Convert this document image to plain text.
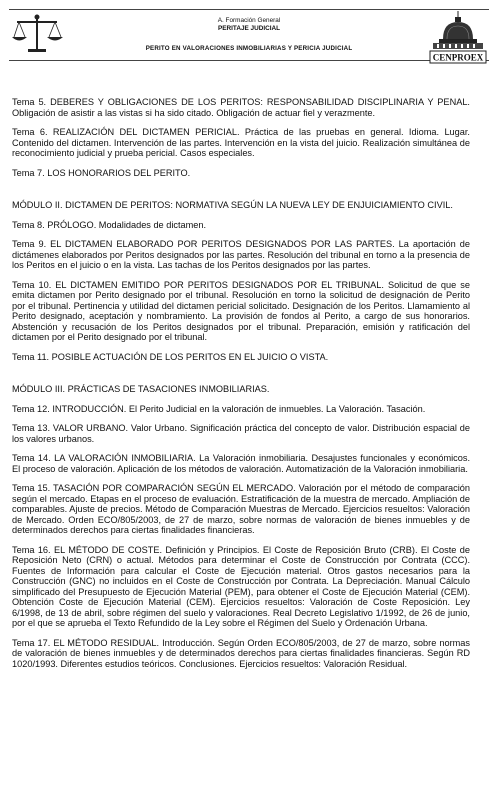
A. Formación General
PERITAJE JUDICIAL
PERITO EN VALORACIONES INMOBILIARIAS Y PERICIA JUDICIAL
CENPROEX

Tema 5. DEBERES Y OBLIGACIONES DE LOS PERITOS: RESPONSABILIDAD DISCIPLINARIA Y PENAL. Obligación de asistir a las vistas si ha sido citado. Obligación de actuar fiel y verazmente.

Tema 6. REALIZACIÓN DEL DICTAMEN PERICIAL. Práctica de las pruebas en general. Idioma. Lugar. Contenido del dictamen. Intervención de las partes. Intervención en la vista del juicio. Realización simultánea de reconocimiento judicial y prueba pericial. Casos especiales.

Tema 7. LOS HONORARIOS DEL PERITO.

MÓDULO II. DICTAMEN DE PERITOS: NORMATIVA SEGÚN LA NUEVA LEY DE ENJUICIAMIENTO CIVIL.

Tema 8. PRÓLOGO. Modalidades de dictamen.

Tema 9. EL DICTAMEN ELABORADO POR PERITOS DESIGNADOS POR LAS PARTES. La aportación de dictámenes elaborados por Peritos designados por las partes. Resolución del tribunal en torno a la presencia de los Peritos en el juicio o en la vista. Las tachas de los Peritos designados por las partes.

Tema 10. EL DICTAMEN EMITIDO POR PERITOS DESIGNADOS POR EL TRIBUNAL. Solicitud de que se emita dictamen por Perito designado por el tribunal. Resolución en torno la solicitud de designación de Perito por el tribunal. Pertinencia y utilidad del dictamen pericial solicitado. Designación de los Peritos. Llamamiento al Perito designado, aceptación y nombramiento. La provisión de fondos al Perito, a cargo de sus honorarios. Abstención y recusación de los Peritos designados por el tribunal. Preparación, emisión y ratificación del dictamen por el Perito designado por el tribunal.

Tema 11. POSIBLE ACTUACIÓN DE LOS PERITOS EN EL JUICIO O VISTA.

MÓDULO III. PRÁCTICAS DE TASACIONES INMOBILIARIAS.

Tema 12. INTRODUCCIÓN. El Perito Judicial en la valoración de inmuebles. La Valoración. Tasación.

Tema 13. VALOR URBANO. Valor Urbano. Significación práctica del concepto de valor. Distribución espacial de los valores urbanos.

Tema 14. LA VALORACIÓN INMOBILIARIA. La Valoración inmobiliaria. Desajustes funcionales y económicos. El proceso de valoración. Aplicación de los métodos de valoración. Automatización de la Valoración inmobiliaria.

Tema 15. TASACIÓN POR COMPARACIÓN SEGÚN EL MERCADO. Valoración por el método de comparación según el mercado. Etapas en el proceso de evaluación. Estratificación de la muestra de mercado. Ampliación de comparables. Ajuste de precios. Método de Comparación Muestras de Mercado. Ejercicios resueltos: Valoración de Mercado. Orden ECO/805/2003, de 27 de marzo, sobre normas de valoración de bienes inmuebles y de determinados derechos para ciertas finalidades financieras.

Tema 16. EL MÉTODO DE COSTE. Definición y Principios. El Coste de Reposición Bruto (CRB). El Coste de Reposición Neto (CRN) o actual. Métodos para determinar el Coste de Construcción por Contrata (CCC). Fuentes de Información para calcular el Coste de Ejecución material. Otros gastos necesarios para la Construcción (GNC) no incluidos en el Coste de Construcción por Contrata. La Depreciación. Manual Cálculo simplificado del Presupuesto de Ejecución Material (PEM), para obtener el Coste de Ejecución Material (CEM). Obtención Coste de Ejecución Material (CEM). Ejercicios resueltos: Valoración de Coste Reposición. Ley 6/1998, de 13 de abril, sobre régimen del suelo y valoraciones. Real Decreto Legislativo 1/1992, de 26 de junio, por el que se aprueba el Texto Refundido de la Ley sobre el Régimen del Suelo y Ordenación Urbana.

Tema 17. EL MÉTODO RESIDUAL. Introducción. Según Orden ECO/805/2003, de 27 de marzo, sobre normas de valoración de bienes inmuebles y de determinados derechos para ciertas finalidades financieras. Según RD 1020/1993. Diferentes estudios teóricos. Conclusiones. Ejercicios resueltos: Valoración Residual.
